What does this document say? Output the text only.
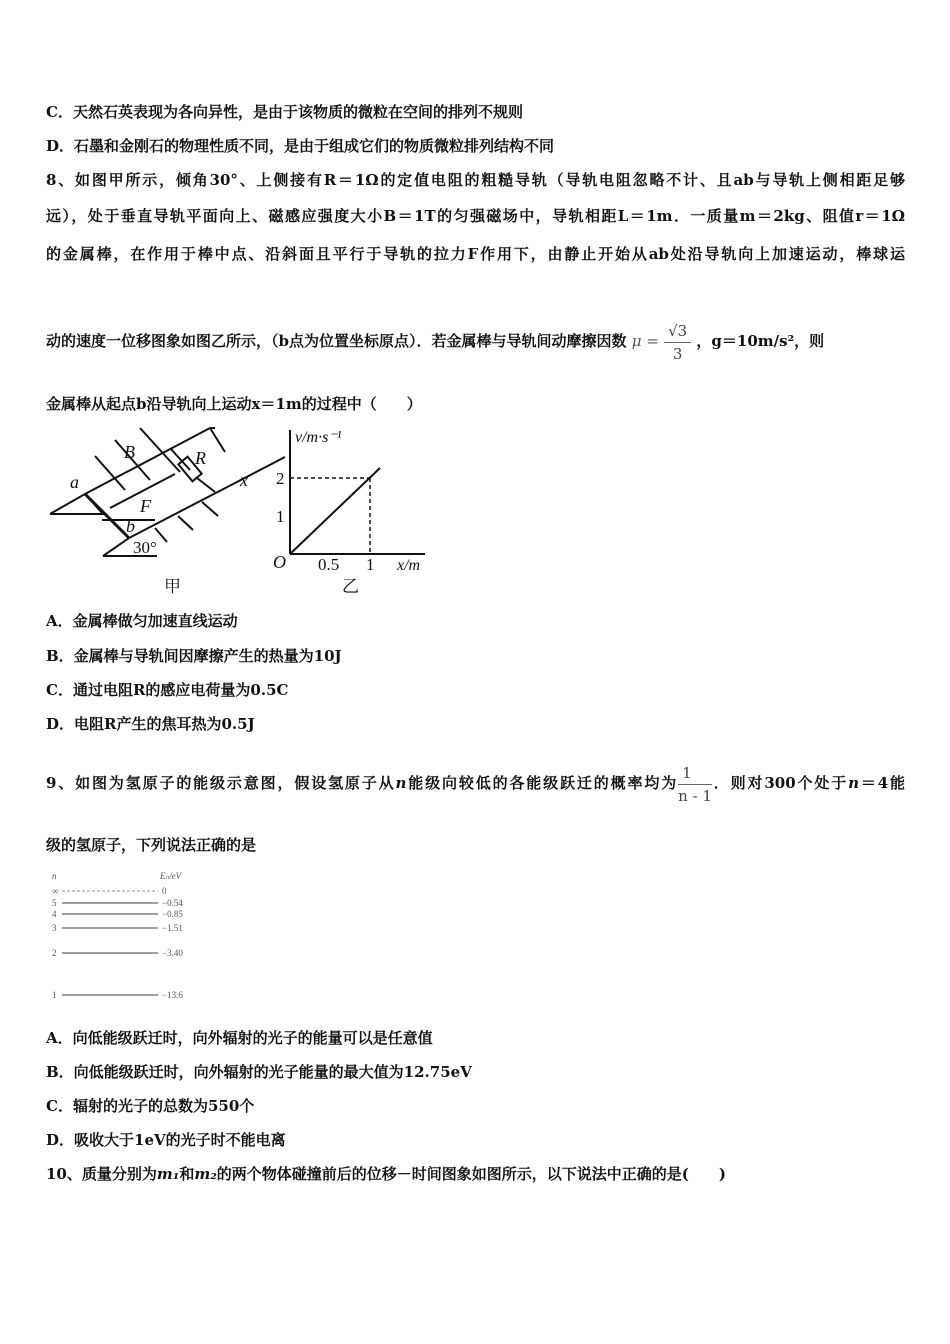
C．天然石英表现为各向异性，是由于该物质的微粒在空间的排列不规则
D．石墨和金刚石的物理性质不同，是由于组成它们的物质微粒排列结构不同
8、如图甲所示，倾角30°、上侧接有R＝1Ω的定值电阻的粗糙导轨（导轨电阻忽略不计、且ab与导轨上侧相距足够
远），处于垂直导轨平面向上、磁感应强度大小B＝1T的匀强磁场中，导轨相距L＝1m．一质量m＝2kg、阻值r＝1Ω
的金属棒，在作用于棒中点、沿斜面且平行于导轨的拉力F作用下，由静止开始从ab处沿导轨向上加速运动，棒球运
动的速度一位移图象如图乙所示，（b点为位置坐标原点）．若金属棒与导轨间动摩擦因数 $\mu = \frac{√3}{3}$ ，g＝10m/s²，则
金属棒从起点b沿导轨向上运动x＝1m的过程中（　　）
B	R
a
F
b
x
v/m·s⁻¹
O	x/m
30°
甲
2
1
0.5 1
乙
A．金属棒做匀加速直线运动
B．金属棒与导轨间因摩擦产生的热量为10J
C．通过电阻R的感应电荷量为0.5C
D．电阻R产生的焦耳热为0.5J
9、如图为氢原子的能级示意图，假设氢原子从n能级向较低的各能级跃迁的概率均为 $\frac{1}{n - 1}$ ．则对300个处于n＝4能
级的氢原子，下列说法正确的是
n	Eₙ/eV
∞	0
5	−0.54
4	−0.85
3	−1.51
2	−3.40
1	−13.6
A．向低能级跃迁时，向外辐射的光子的能量可以是任意值
B．向低能级跃迁时，向外辐射的光子能量的最大值为12.75eV
C．辐射的光子的总数为550个
D．吸收大于1eV的光子时不能电离
10、质量分别为m₁和m₂的两个物体碰撞前后的位移－时间图象如图所示，以下说法中正确的是(　　)
